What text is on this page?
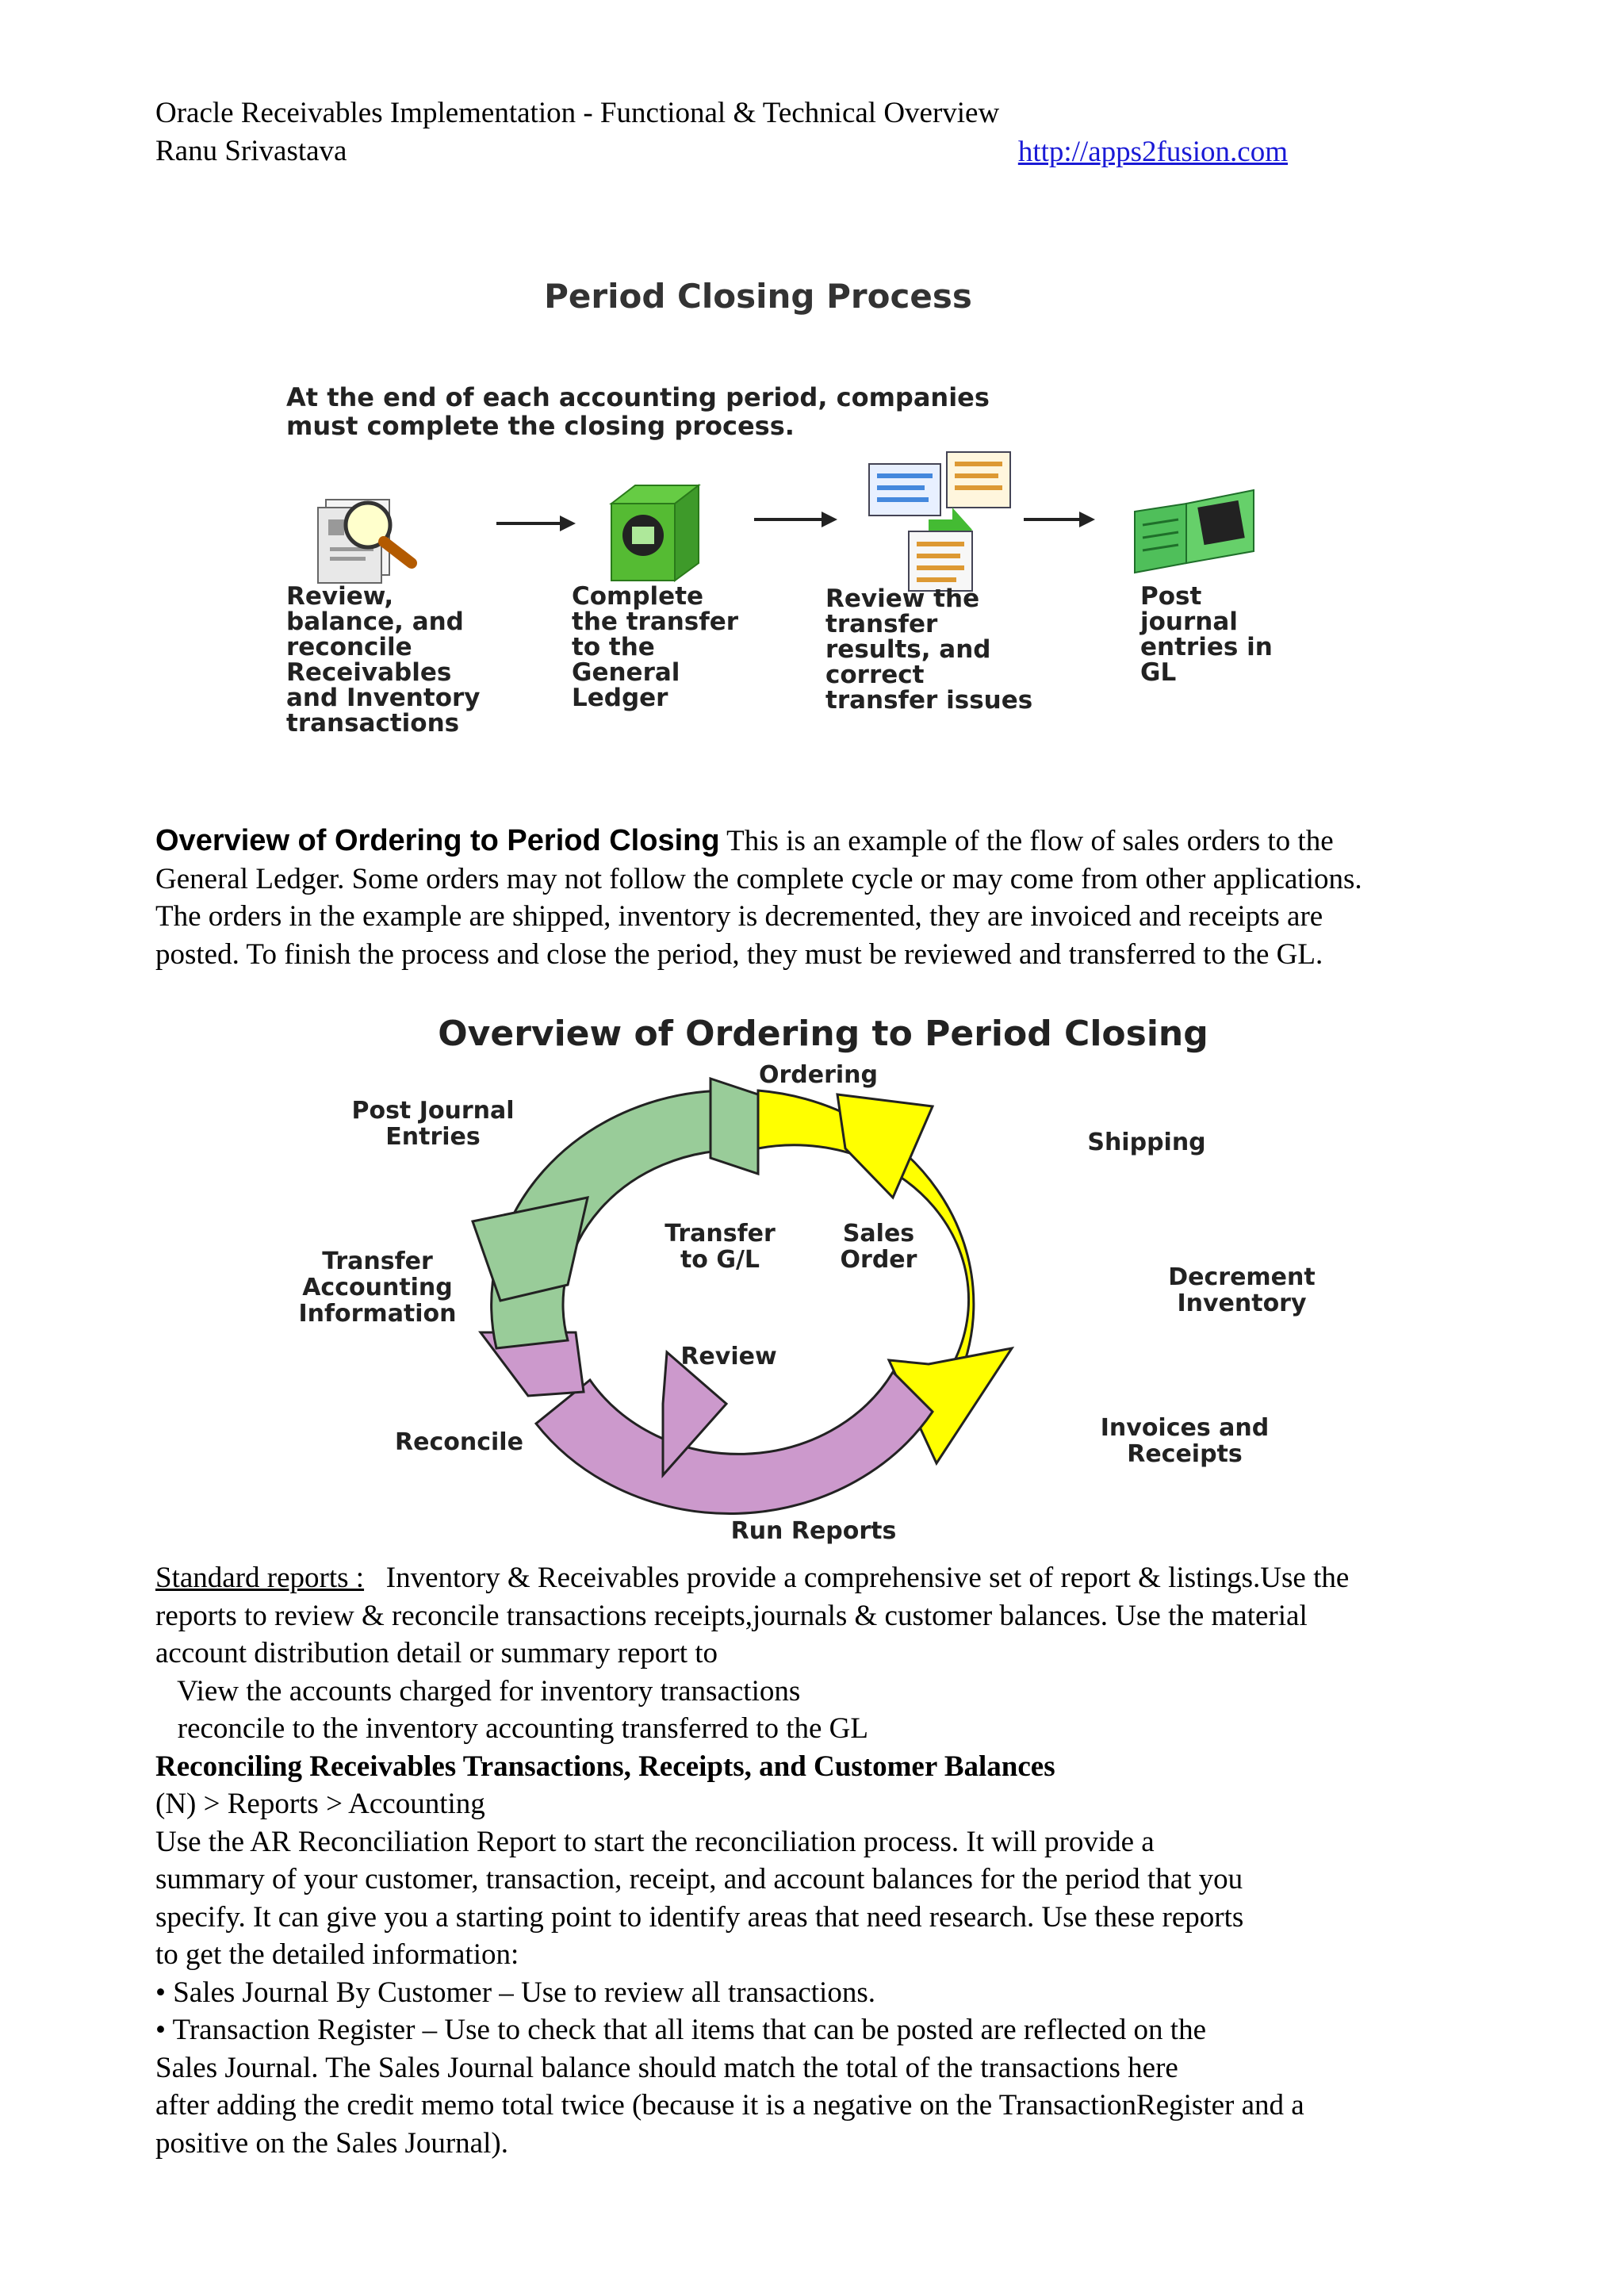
Oracle Receivables Implementation - Functional & Technical Overview
Ranu Srivastava	http://apps2fusion.com
Period Closing Process
At the end of each accounting period, companies
must complete the closing process.
Review,
balance, and
reconcile
Receivables
and Inventory
transactions
Complete
the transfer
to the
General
Ledger
Review the
transfer
results, and
correct
transfer issues
Post
journal
entries in
GL
Overview of Ordering to Period Closing This is an example of the flow of sales orders to the
General Ledger. Some orders may not follow the complete cycle or may come from other applications.
The orders in the example are shipped, inventory is decremented, they are invoiced and receipts are
posted. To finish the process and close the period, they must be reviewed and transferred to the GL.
Overview of Ordering to Period Closing
Ordering
Shipping
Decrement
Inventory
Invoices and
Receipts
Run Reports
Reconcile
Transfer
Accounting
Information
Post Journal
Entries
Transfer
to G/L
Sales
Order
Review
Standard reports :   Inventory & Receivables provide a comprehensive set of report & listings.Use the
reports to review & reconcile transactions receipts,journals & customer balances. Use the material
account distribution detail or summary report to
View the accounts charged for inventory transactions
reconcile to the inventory accounting transferred to the GL
Reconciling Receivables Transactions, Receipts, and Customer Balances
(N) > Reports > Accounting
Use the AR Reconciliation Report to start the reconciliation process. It will provide a
summary of your customer, transaction, receipt, and account balances for the period that you
specify. It can give you a starting point to identify areas that need research. Use these reports
to get the detailed information:
• Sales Journal By Customer – Use to review all transactions.
• Transaction Register – Use to check that all items that can be posted are reflected on the
Sales Journal. The Sales Journal balance should match the total of the transactions here
after adding the credit memo total twice (because it is a negative on the TransactionRegister and a
positive on the Sales Journal).
